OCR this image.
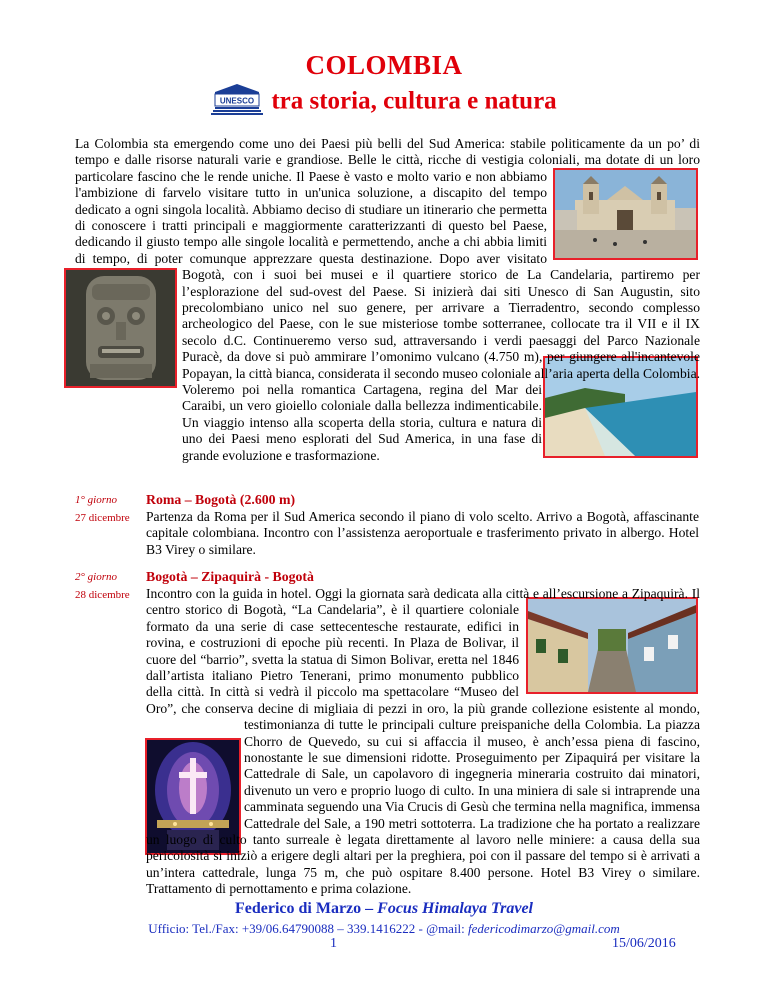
COLOMBIA
UNESCO tra storia, cultura e natura
La Colombia sta emergendo come uno dei Paesi più belli del Sud America: stabile politicamente da un po’ di
tempo e dalle risorse naturali varie e grandiose. Belle le città, ricche di vestigia coloniali, ma dotate di un loro
particolare fascino che le rende uniche. Il Paese è vasto e molto vario e non abbiamo
l'ambizione di farvelo visitare tutto in un'unica soluzione, a discapito del tempo
dedicato a ogni singola località. Abbiamo deciso di studiare un itinerario che permetta
di conoscere i tratti principali e maggiormente caratterizzanti di questo bel Paese,
dedicando il giusto tempo alle singole località e permettendo, anche a chi abbia limiti
di tempo, di poter comunque apprezzare questa destinazione. Dopo aver visitato
Bogotà, con i suoi bei musei e il quartiere storico de La Candelaria, partiremo per
l’esplorazione del sud-ovest del Paese. Si inizierà dai siti Unesco di San Augustin, sito
precolombiano unico nel suo genere, per arrivare a Tierradentro, secondo complesso
archeologico del Paese, con le sue misteriose tombe sotterranee, collocate tra il VII e il IX
secolo d.C. Continueremo verso sud, attraversando i verdi paesaggi del Parco Nazionale
Puracè, da dove si può ammirare l’omonimo vulcano (4.750 m), per giungere all'incantevole
Popayan, la città bianca, considerata il secondo museo coloniale all’aria aperta della Colombia.
Voleremo poi nella romantica Cartagena, regina del Mar dei
Caraibi, un vero gioiello coloniale dalla bellezza indimenticabile.
Un viaggio intenso alla scoperta della storia, cultura e natura di
uno dei Paesi meno esplorati del Sud America, in una fase di
grande evoluzione e trasformazione.
1° giorno
27 dicembre
Roma – Bogotà (2.600 m)
Partenza da Roma per il Sud America secondo il piano di volo scelto. Arrivo a Bogotà, affascinante capitale colombiana. Incontro con l’assistenza aeroportuale e trasferimento privato in albergo. Hotel B3 Virey o similare.
2° giorno
28 dicembre
Bogotà – Zipaquirà - Bogotà
Incontro con la guida in hotel. Oggi la giornata sarà dedicata alla città e all’escursione a Zipaquirà. Il
centro storico di Bogotà, “La Candelaria”, è il quartiere coloniale
formato da una serie di case settecentesche restaurate, edifici in
rovina, e costruzioni di epoche più recenti. In Plaza de Bolivar, il
cuore del “barrio”, svetta la statua di Simon Bolivar, eretta nel 1846
dall’artista italiano Pietro Tenerani, primo monumento pubblico
della città. In città si vedrà il piccolo ma spettacolare “Museo del
Oro”, che conserva decine di migliaia di pezzi in oro, la più grande collezione esistente al mondo,
testimonianza di tutte le principali culture preispaniche della Colombia. La piazza
Chorro de Quevedo, su cui si affaccia il museo, è anch’essa piena di fascino,
nonostante le sue dimensioni ridotte. Proseguimento per Zipaquirá per visitare la
Cattedrale di Sale, un capolavoro di ingegneria mineraria costruito dai minatori,
divenuto un vero e proprio luogo di culto. In una miniera di sale si intraprende una
camminata seguendo una Via Crucis di Gesù che termina nella magnifica, immensa
Cattedrale del Sale, a 190 metri sottoterra. La tradizione che ha portato a realizzare
un luogo di culto tanto surreale è legata direttamente al lavoro nelle miniere: a causa della sua
pericolosità si iniziò a erigere degli altari per la preghiera, poi con il passare del tempo si è arrivati a
un’intera cattedrale, lunga 75 m, che può ospitare 8.400 persone. Hotel B3 Virey o similare.
Trattamento di pernottamento e prima colazione.
Federico di Marzo – Focus Himalaya Travel
Ufficio: Tel./Fax: +39/06.64790088 – 339.1416222 - @mail: federicodimarzo@gmail.com
1	15/06/2016
